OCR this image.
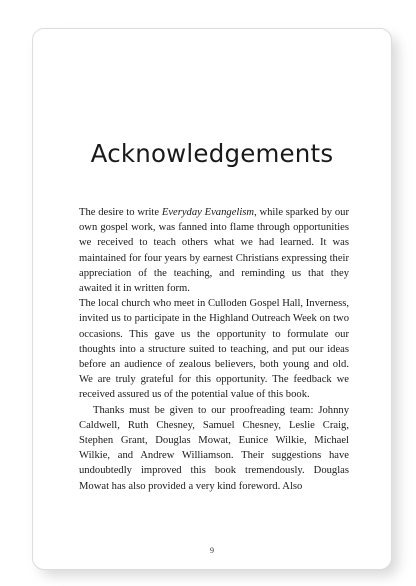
Acknowledgements

The desire to write Everyday Evangelism, while sparked by our own gospel work, was fanned into flame through opportunities we received to teach others what we had learned. It was maintained for four years by earnest Christians expressing their appreciation of the teaching, and reminding us that they awaited it in written form.

The local church who meet in Culloden Gospel Hall, Inverness, invited us to participate in the Highland Outreach Week on two occasions. This gave us the opportunity to formulate our thoughts into a structure suited to teaching, and put our ideas before an audience of zealous believers, both young and old. We are truly grateful for this opportunity. The feedback we received assured us of the potential value of this book.

Thanks must be given to our proofreading team: Johnny Caldwell, Ruth Chesney, Samuel Chesney, Leslie Craig, Stephen Grant, Douglas Mowat, Eunice Wilkie, Michael Wilkie, and Andrew Williamson. Their suggestions have undoubtedly improved this book tremendously. Douglas Mowat has also provided a very kind foreword. Also

9
